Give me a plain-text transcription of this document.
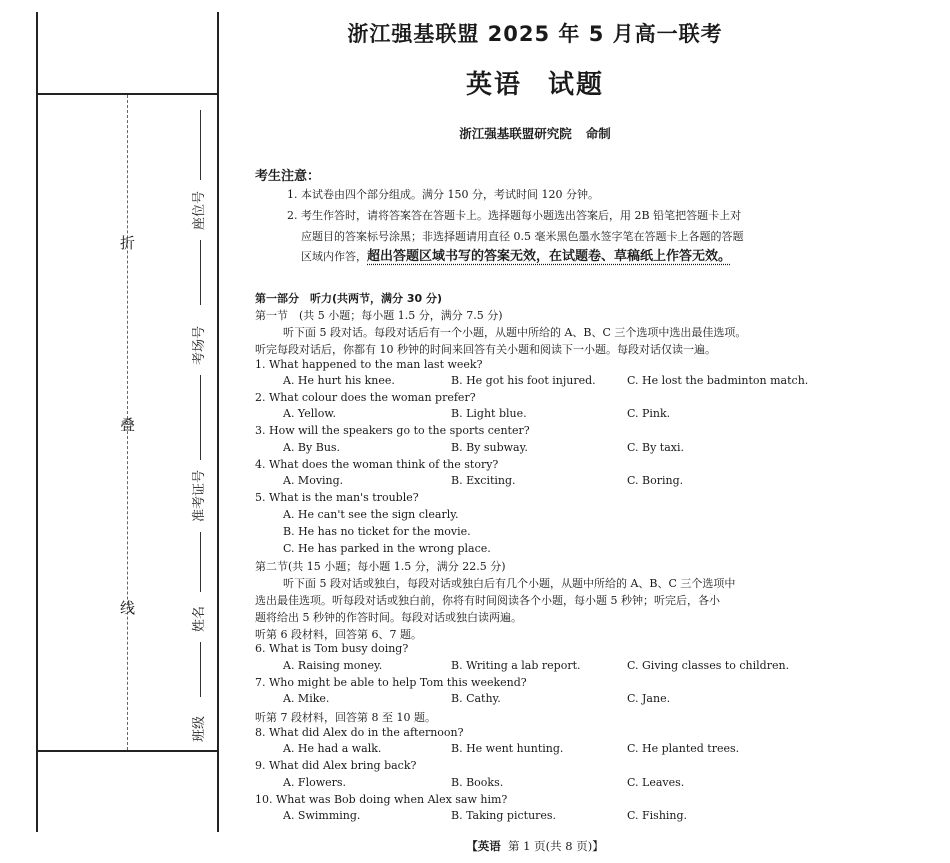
折
叠
线
座位号
考场号
准考证号
姓名
班级
浙江强基联盟 2025 年 5 月高一联考
英语 试题
浙江强基联盟研究院 命制
考生注意：
1. 本试卷由四个部分组成。满分 150 分，考试时间 120 分钟。
2. 考生作答时，请将答案答在答题卡上。选择题每小题选出答案后，用 2B 铅笔把答题卡上对
应题目的答案标号涂黑；非选择题请用直径 0.5 毫米黑色墨水签字笔在答题卡上各题的答题
区域内作答，超出答题区域书写的答案无效，在试题卷、草稿纸上作答无效。
第一部分　听力(共两节，满分 30 分)
第一节　(共 5 小题；每小题 1.5 分，满分 7.5 分)
听下面 5 段对话。每段对话后有一个小题，从题中所给的 A、B、C 三个选项中选出最佳选项。
听完每段对话后，你都有 10 秒钟的时间来回答有关小题和阅读下一小题。每段对话仅读一遍。
1. What happened to the man last week?
A. He hurt his knee.	B. He got his foot injured.	C. He lost the badminton match.
2. What colour does the woman prefer?
A. Yellow.	B. Light blue.	C. Pink.
3. How will the speakers go to the sports center?
A. By Bus.	B. By subway.	C. By taxi.
4. What does the woman think of the story?
A. Moving.	B. Exciting.	C. Boring.
5. What is the man's trouble?
A. He can't see the sign clearly.
B. He has no ticket for the movie.
C. He has parked in the wrong place.
第二节(共 15 小题；每小题 1.5 分，满分 22.5 分)
听下面 5 段对话或独白，每段对话或独白后有几个小题，从题中所给的 A、B、C 三个选项中
选出最佳选项。听每段对话或独白前，你将有时间阅读各个小题，每小题 5 秒钟；听完后，各小
题将给出 5 秒钟的作答时间。每段对话或独白读两遍。
听第 6 段材料，回答第 6、7 题。
6. What is Tom busy doing?
A. Raising money.	B. Writing a lab report.	C. Giving classes to children.
7. Who might be able to help Tom this weekend?
A. Mike.	B. Cathy.	C. Jane.
听第 7 段材料，回答第 8 至 10 题。
8. What did Alex do in the afternoon?
A. He had a walk.	B. He went hunting.	C. He planted trees.
9. What did Alex bring back?
A. Flowers.	B. Books.	C. Leaves.
10. What was Bob doing when Alex saw him?
A. Swimming.	B. Taking pictures.	C. Fishing.
【英语 第 1 页(共 8 页)】
